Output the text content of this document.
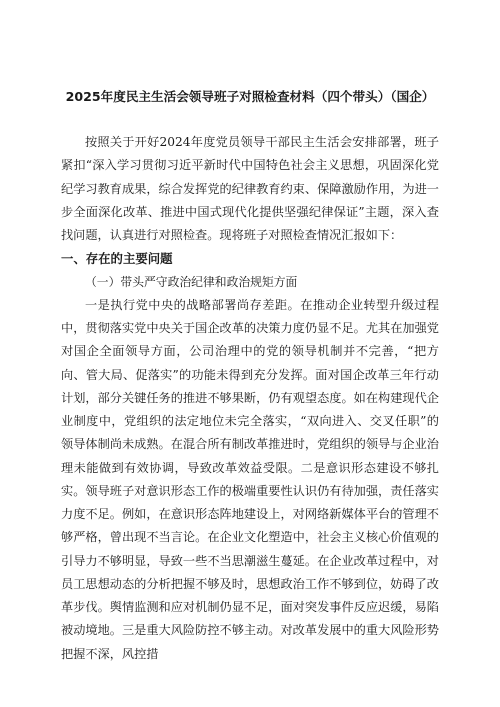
2025年度民主生活会领导班子对照检查材料（四个带头）（国企）

按照关于开好2024年度党员领导干部民主生活会安排部署，班子紧扣“深入学习贯彻习近平新时代中国特色社会主义思想，巩固深化党纪学习教育成果，综合发挥党的纪律教育约束、保障激励作用，为进一步全面深化改革、推进中国式现代化提供坚强纪律保证”主题，深入查找问题，认真进行对照检查。现将班子对照检查情况汇报如下：

一、存在的主要问题

（一）带头严守政治纪律和政治规矩方面

一是执行党中央的战略部署尚存差距。在推动企业转型升级过程中，贯彻落实党中央关于国企改革的决策力度仍显不足。尤其在加强党对国企全面领导方面，公司治理中的党的领导机制并不完善，“把方向、管大局、促落实”的功能未得到充分发挥。面对国企改革三年行动计划，部分关键任务的推进不够果断，仍有观望态度。如在构建现代企业制度中，党组织的法定地位未完全落实，“双向进入、交叉任职”的领导体制尚未成熟。在混合所有制改革推进时，党组织的领导与企业治理未能做到有效协调，导致改革效益受限。二是意识形态建设不够扎实。领导班子对意识形态工作的极端重要性认识仍有待加强，责任落实力度不足。例如，在意识形态阵地建设上，对网络新媒体平台的管理不够严格，曾出现不当言论。在企业文化塑造中，社会主义核心价值观的引导力不够明显，导致一些不当思潮滋生蔓延。在企业改革过程中，对员工思想动态的分析把握不够及时，思想政治工作不够到位，妨碍了改革步伐。舆情监测和应对机制仍显不足，面对突发事件反应迟缓，易陷被动境地。三是重大风险防控不够主动。对改革发展中的重大风险形势把握不深，风控措
